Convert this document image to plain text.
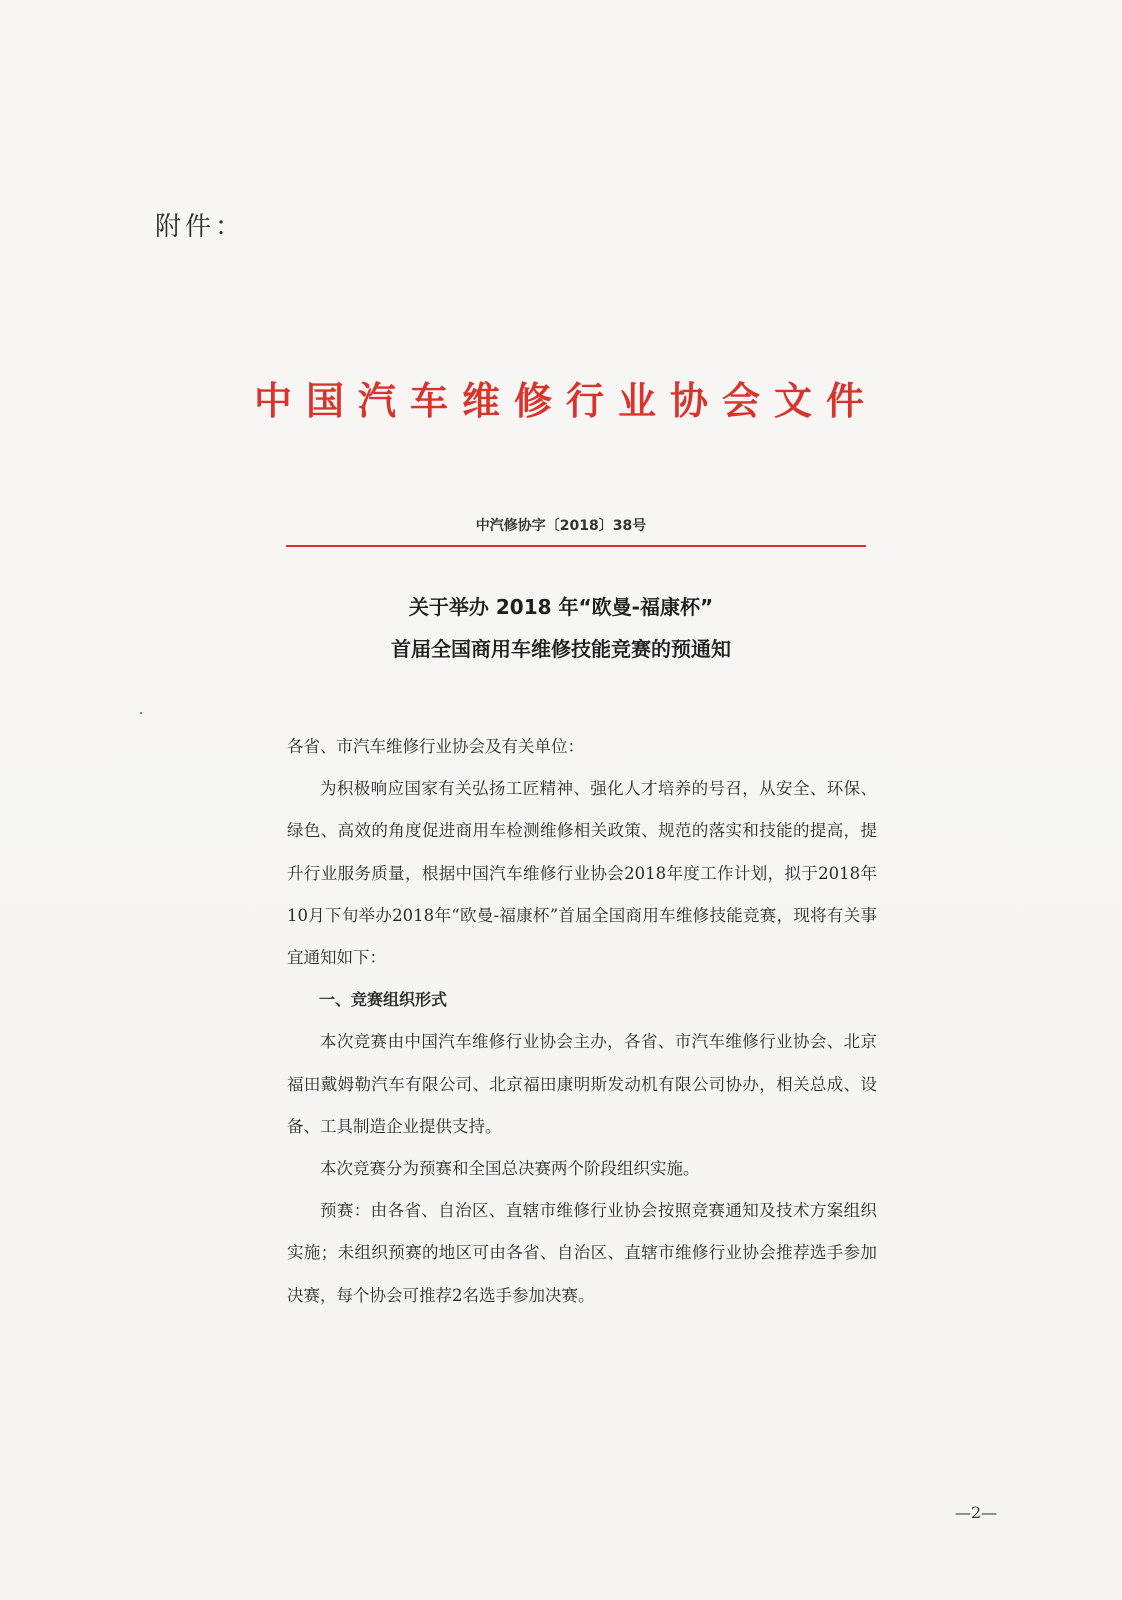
附件：
中国汽车维修行业协会文件
中汽修协字〔2018〕38号
关于举办 2018 年“欧曼-福康杯”
首届全国商用车维修技能竞赛的预通知

各省、市汽车维修行业协会及有关单位：

为积极响应国家有关弘扬工匠精神、强化人才培养的号召，从安全、环保、绿色、高效的角度促进商用车检测维修相关政策、规范的落实和技能的提高，提升行业服务质量，根据中国汽车维修行业协会2018年度工作计划，拟于2018年10月下旬举办2018年“欧曼-福康杯”首届全国商用车维修技能竞赛，现将有关事宜通知如下：

一、竞赛组织形式

本次竞赛由中国汽车维修行业协会主办，各省、市汽车维修行业协会、北京福田戴姆勒汽车有限公司、北京福田康明斯发动机有限公司协办，相关总成、设备、工具制造企业提供支持。

本次竞赛分为预赛和全国总决赛两个阶段组织实施。

预赛：由各省、自治区、直辖市维修行业协会按照竞赛通知及技术方案组织实施；未组织预赛的地区可由各省、自治区、直辖市维修行业协会推荐选手参加决赛，每个协会可推荐2名选手参加决赛。

—2—
